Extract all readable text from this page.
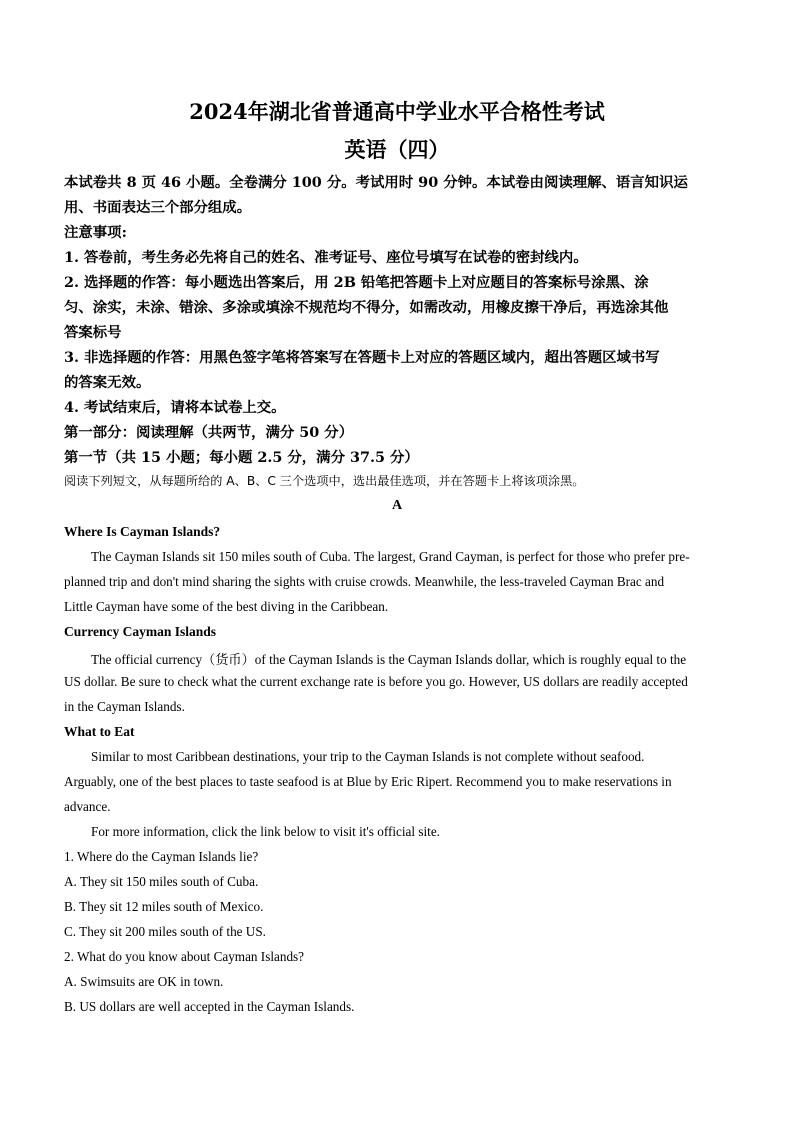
2024年湖北省普通高中学业水平合格性考试
英语（四）
本试卷共 8 页 46 小题。全卷满分 100 分。考试用时 90 分钟。本试卷由阅读理解、语言知识运
用、书面表达三个部分组成。
注意事项:
1. 答卷前，考生务必先将自己的姓名、准考证号、座位号填写在试卷的密封线内。
2. 选择题的作答：每小题选出答案后，用 2B 铅笔把答题卡上对应题目的答案标号涂黑、涂
匀、涂实，未涂、错涂、多涂或填涂不规范均不得分，如需改动，用橡皮擦干净后，再选涂其他
答案标号
3. 非选择题的作答：用黑色签字笔将答案写在答题卡上对应的答题区域内，超出答题区域书写
的答案无效。
4. 考试结束后，请将本试卷上交。
第一部分：阅读理解（共两节，满分 50 分）
第一节（共 15 小题；每小题 2.5 分，满分 37.5 分）
阅读下列短文，从每题所给的 A、B、C 三个选项中，选出最佳选项，并在答题卡上将该项涂黑。
A
Where Is Cayman Islands?
The Cayman Islands sit 150 miles south of Cuba. The largest, Grand Cayman, is perfect for those who prefer pre-
planned trip and don't mind sharing the sights with cruise crowds. Meanwhile, the less-traveled Cayman Brac and
Little Cayman have some of the best diving in the Caribbean.
Currency Cayman Islands
The official currency（货币）of the Cayman Islands is the Cayman Islands dollar, which is roughly equal to the
US dollar. Be sure to check what the current exchange rate is before you go. However, US dollars are readily accepted
in the Cayman Islands.
What to Eat
Similar to most Caribbean destinations, your trip to the Cayman Islands is not complete without seafood.
Arguably, one of the best places to taste seafood is at Blue by Eric Ripert. Recommend you to make reservations in
advance.
For more information, click the link below to visit it's official site.
1. Where do the Cayman Islands lie?
A. They sit 150 miles south of Cuba.
B. They sit 12 miles south of Mexico.
C. They sit 200 miles south of the US.
2. What do you know about Cayman Islands?
A. Swimsuits are OK in town.
B. US dollars are well accepted in the Cayman Islands.
